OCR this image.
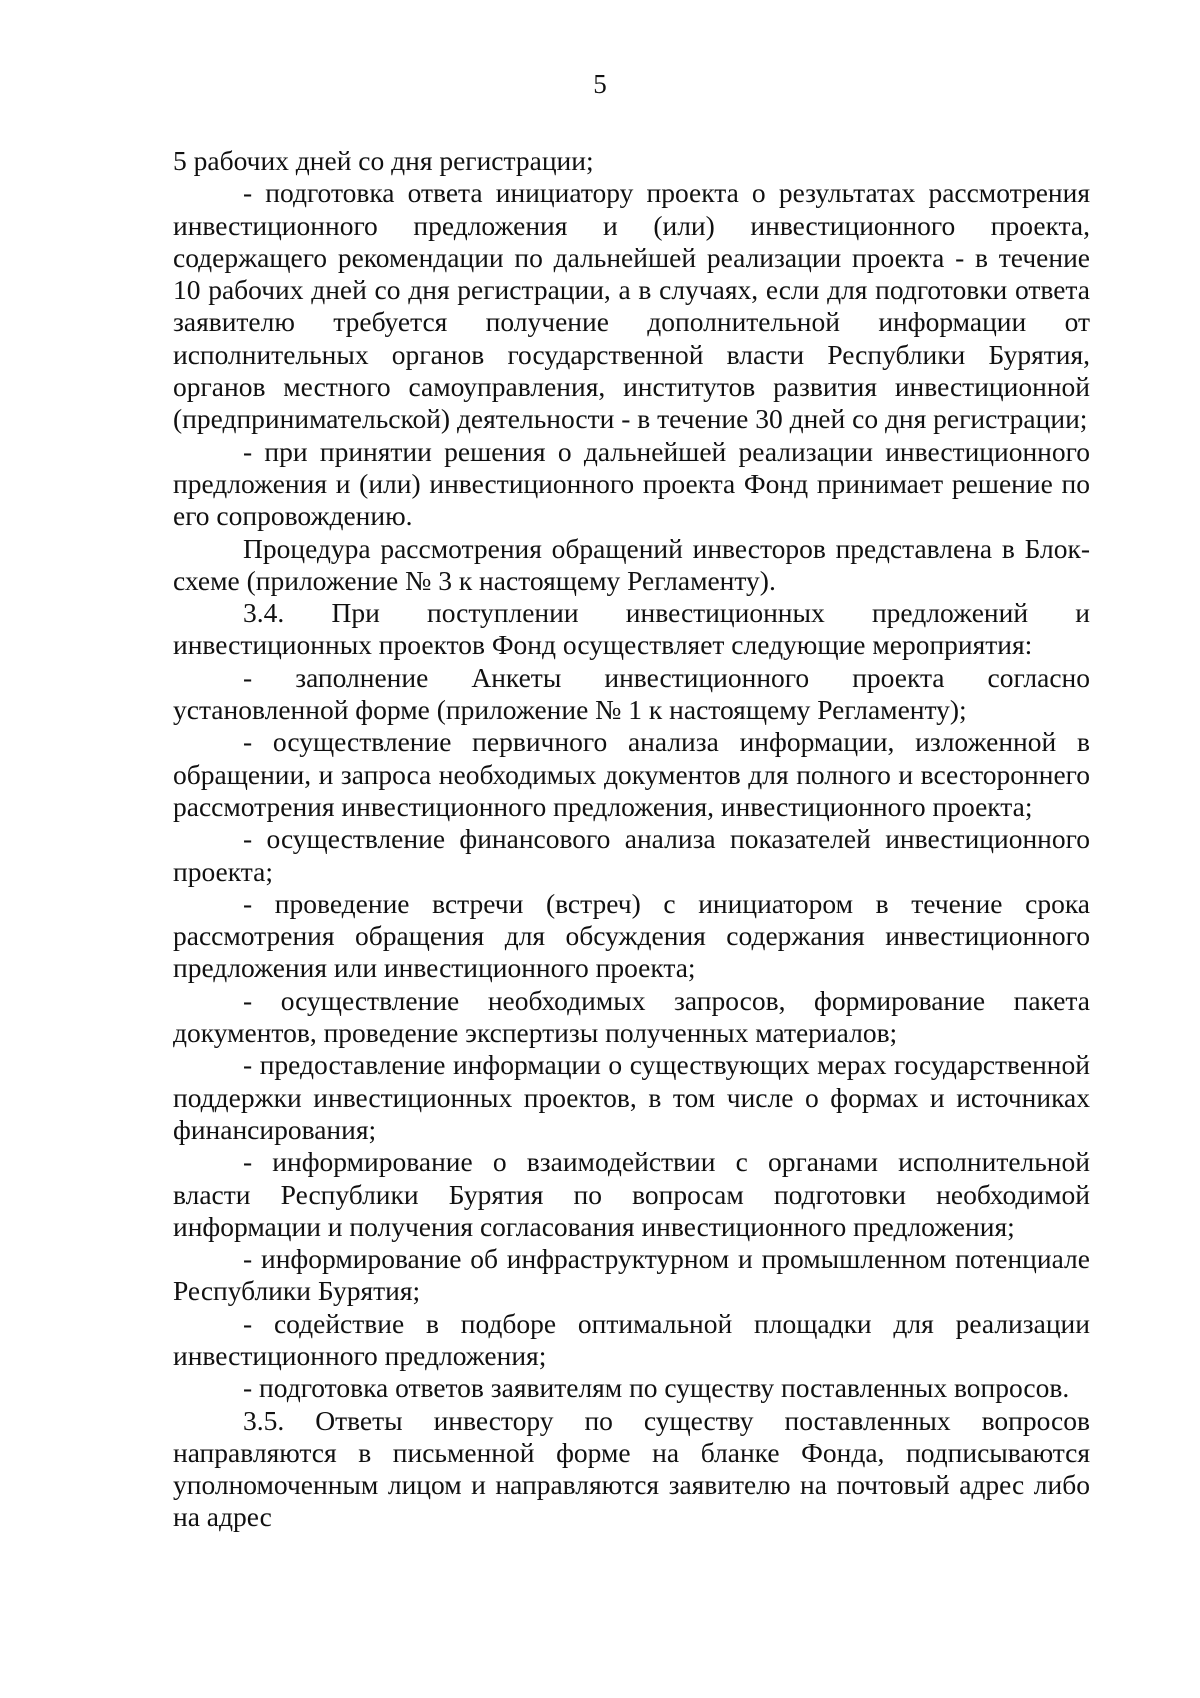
5

5 рабочих дней со дня регистрации;

- подготовка ответа инициатору проекта о результатах рассмотрения инвестиционного предложения и (или) инвестиционного проекта, содержащего рекомендации по дальнейшей реализации проекта - в течение 10 рабочих дней со дня регистрации, а в случаях, если для подготовки ответа заявителю требуется получение дополнительной информации от исполнительных органов государственной власти Республики Бурятия, органов местного самоуправления, институтов развития инвестиционной (предпринимательской) деятельности - в течение 30 дней со дня регистрации;

- при принятии решения о дальнейшей реализации инвестиционного предложения и (или) инвестиционного проекта Фонд принимает решение по его сопровождению.

Процедура рассмотрения обращений инвесторов представлена в Блок-схеме (приложение № 3 к настоящему Регламенту).

3.4. При поступлении инвестиционных предложений и инвестиционных проектов Фонд осуществляет следующие мероприятия:

- заполнение Анкеты инвестиционного проекта согласно установленной форме (приложение № 1 к настоящему Регламенту);

- осуществление первичного анализа информации, изложенной в обращении, и запроса необходимых документов для полного и всестороннего рассмотрения инвестиционного предложения, инвестиционного проекта;

- осуществление финансового анализа показателей инвестиционного проекта;

- проведение встречи (встреч) с инициатором в течение срока рассмотрения обращения для обсуждения содержания инвестиционного предложения или инвестиционного проекта;

- осуществление необходимых запросов, формирование пакета документов, проведение экспертизы полученных материалов;

- предоставление информации о существующих мерах государственной поддержки инвестиционных проектов, в том числе о формах и источниках финансирования;

- информирование о взаимодействии с органами исполнительной власти Республики Бурятия по вопросам подготовки необходимой информации и получения согласования инвестиционного предложения;

- информирование об инфраструктурном и промышленном потенциале Республики Бурятия;

- содействие в подборе оптимальной площадки для реализации инвестиционного предложения;

- подготовка ответов заявителям по существу поставленных вопросов.

3.5. Ответы инвестору по существу поставленных вопросов направляются в письменной форме на бланке Фонда, подписываются уполномоченным лицом и направляются заявителю на почтовый адрес либо на адрес
